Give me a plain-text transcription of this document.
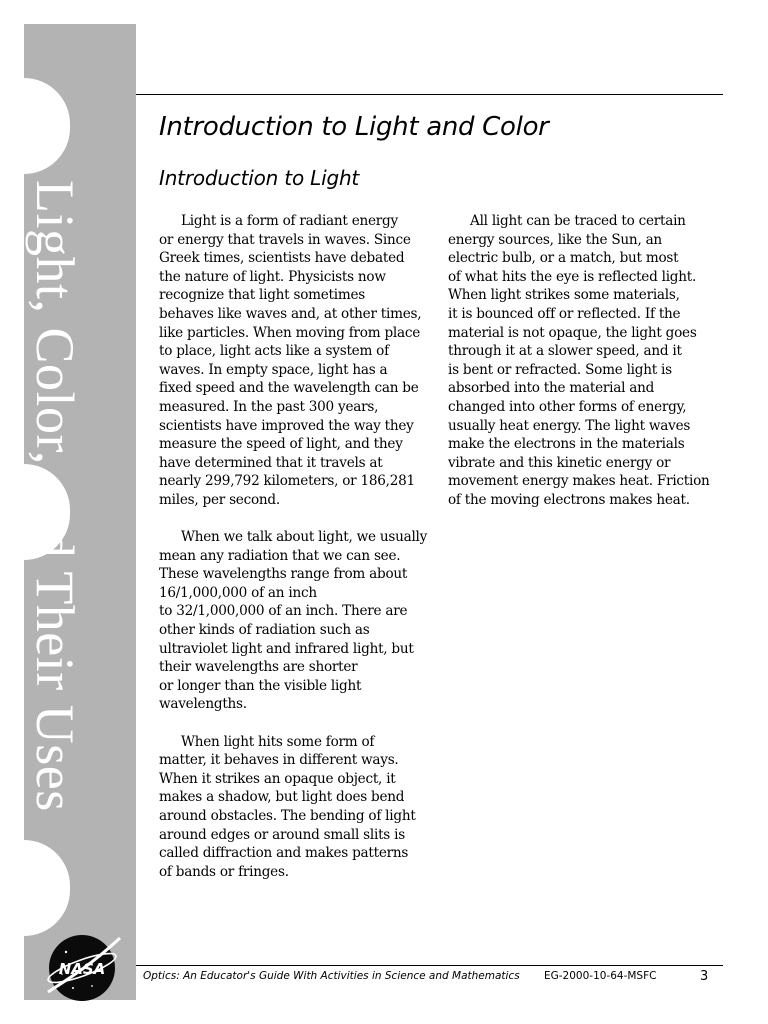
Light, Color, and Their Uses
Introduction to Light and Color
Introduction to Light

Light is a form of radiant energy
or energy that travels in waves. Since
Greek times, scientists have debated
the nature of light. Physicists now
recognize that light sometimes
behaves like waves and, at other times,
like particles. When moving from place
to place, light acts like a system of
waves. In empty space, light has a
fixed speed and the wavelength can be
measured. In the past 300 years,
scientists have improved the way they
measure the speed of light, and they
have determined that it travels at
nearly 299,792 kilometers, or 186,281
miles, per second.

When we talk about light, we usually
mean any radiation that we can see.
These wavelengths range from about
16/1,000,000 of an inch
to 32/1,000,000 of an inch. There are
other kinds of radiation such as
ultraviolet light and infrared light, but
their wavelengths are shorter
or longer than the visible light
wavelengths.

When light hits some form of
matter, it behaves in different ways.
When it strikes an opaque object, it
makes a shadow, but light does bend
around obstacles. The bending of light
around edges or around small slits is
called diffraction and makes patterns
of bands or fringes.

All light can be traced to certain
energy sources, like the Sun, an
electric bulb, or a match, but most
of what hits the eye is reflected light.
When light strikes some materials,
it is bounced off or reflected. If the
material is not opaque, the light goes
through it at a slower speed, and it
is bent or refracted. Some light is
absorbed into the material and
changed into other forms of energy,
usually heat energy. The light waves
make the electrons in the materials
vibrate and this kinetic energy or
movement energy makes heat. Friction
of the moving electrons makes heat.

Optics: An Educator's Guide With Activities in Science and Mathematics EG-2000-10-64-MSFC	3
NASA
